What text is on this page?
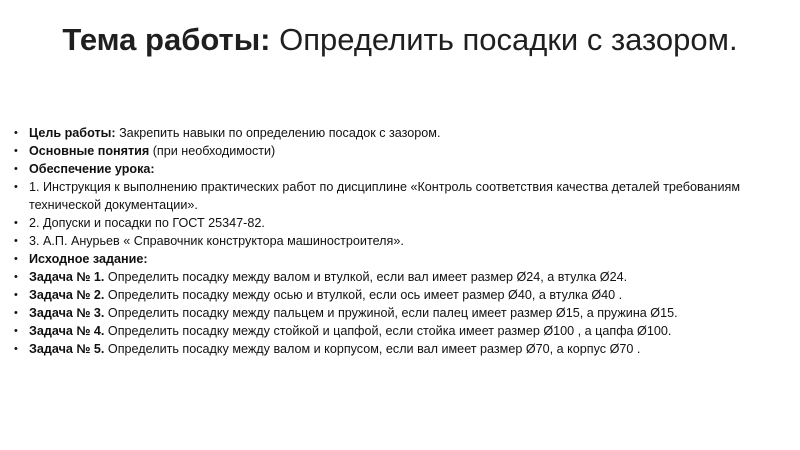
Тема работы: Определить посадки с зазором.
• Цель работы: Закрепить навыки по определению посадок с зазором.
• Основные понятия (при необходимости)
• Обеспечение урока:
• 1. Инструкция к выполнению практических работ по дисциплине «Контроль соответствия качества деталей требованиям технической документации».
• 2. Допуски и посадки по ГОСТ 25347-82.
• 3. А.П. Анурьев « Справочник конструктора машиностроителя».
• Исходное задание:
• Задача № 1. Определить посадку между валом и втулкой, если вал имеет размер Ø24, а втулка Ø24.
• Задача № 2. Определить посадку между осью и втулкой, если ось имеет размер Ø40, а втулка Ø40 .
• Задача № 3. Определить посадку между пальцем и пружиной, если палец имеет размер Ø15, а пружина Ø15.
• Задача № 4. Определить посадку между стойкой и цапфой, если стойка имеет размер Ø100 , а цапфа Ø100.
• Задача № 5. Определить посадку между валом и корпусом, если вал имеет размер Ø70, а корпус Ø70 .
